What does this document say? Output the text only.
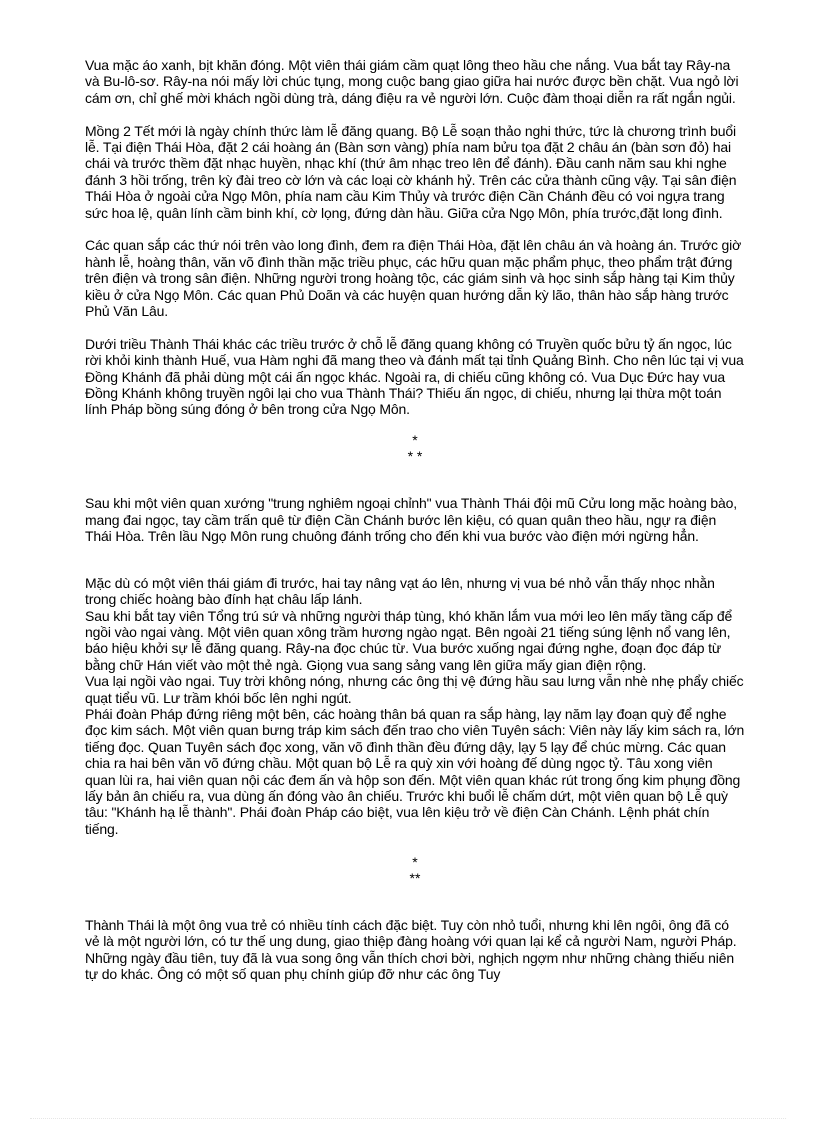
Vua mặc áo xanh, bịt khăn đóng. Một viên thái giám cầm quạt lông theo hầu che nắng. Vua bắt tay Rây-na và Bu-lô-sơ. Rây-na nói mấy lời chúc tụng, mong cuộc bang giao giữa hai nước được bền chặt. Vua ngỏ lời cám ơn, chỉ ghế mời khách ngồi dùng trà, dáng điệu ra vẻ người lớn. Cuộc đàm thoại diễn ra rất ngắn ngủi.

Mồng 2 Tết mới là ngày chính thức làm lễ đăng quang. Bộ Lễ soạn thảo nghi thức, tức là chương trình buổi lễ. Tại điện Thái Hòa, đặt 2 cái hoàng án (Bàn sơn vàng) phía nam bửu tọa đặt 2 châu án (bàn sơn đỏ) hai chái và trước thềm đặt nhạc huyền, nhạc khí (thứ âm nhạc treo lên để đánh). Đầu canh năm sau khi nghe đánh 3 hồi trống, trên kỳ đài treo cờ lớn và các loại cờ khánh hỷ. Trên các cửa thành cũng vậy. Tại sân điện Thái Hòa ở ngoài cửa Ngọ Môn, phía nam cầu Kim Thủy và trước điện Cần Chánh đều có voi ngựa trang sức hoa lệ, quân lính cầm binh khí, cờ lọng, đứng dàn hầu. Giữa cửa Ngọ Môn, phía trước,đặt long đình.

Các quan sắp các thứ nói trên vào long đình, đem ra điện Thái Hòa, đặt lên châu án và hoàng án. Trước giờ hành lễ, hoàng thân, văn võ đình thần mặc triều phục, các hữu quan mặc phẩm phục, theo phẩm trật đứng trên điện và trong sân điện. Những người trong hoàng tộc, các giám sinh và học sinh sắp hàng tại Kim thủy kiều ở cửa Ngọ Môn. Các quan Phủ Doãn và các huyện quan hướng dẫn kỳ lão, thân hào sắp hàng trước Phủ Văn Lâu.

Dưới triều Thành Thái khác các triều trước ở chỗ lễ đăng quang không có Truyền quốc bửu tỷ ấn ngọc, lúc rời khỏi kinh thành Huế, vua Hàm nghi đã mang theo và đánh mất tại tỉnh Quảng Bình. Cho nên lúc tại vị vua Đồng Khánh đã phải dùng một cái ấn ngọc khác. Ngoài ra, di chiếu cũng không có. Vua Dục Đức hay vua Đồng Khánh không truyền ngôi lại cho vua Thành Thái? Thiếu ấn ngọc, di chiếu, nhưng lại thừa một toán lính Pháp bồng súng đóng ở bên trong cửa Ngọ Môn.

*

* *

Sau khi một viên quan xướng "trung nghiêm ngoại chỉnh" vua Thành Thái đội mũ Cửu long mặc hoàng bào, mang đai ngọc, tay cầm trấn quê từ điện Cần Chánh bước lên kiệu, có quan quân theo hầu, ngự ra điện Thái Hòa. Trên lầu Ngọ Môn rung chuông đánh trống cho đến khi vua bước vào điện mới ngừng hẳn.

Mặc dù có một viên thái giám đi trước, hai tay nâng vạt áo lên, nhưng vị vua bé nhỏ vẫn thấy nhọc nhằn trong chiếc hoàng bào đính hạt châu lấp lánh.

Sau khi bắt tay viên Tổng trú sứ và những người tháp tùng, khó khăn lắm vua mới leo lên mấy tầng cấp để ngồi vào ngai vàng. Một viên quan xông trầm hương ngào ngạt. Bên ngoài 21 tiếng súng lệnh nổ vang lên, báo hiệu khởi sự lễ đăng quang. Rây-na đọc chúc từ. Vua bước xuống ngai đứng nghe, đoạn đọc đáp từ bằng chữ Hán viết vào một thẻ ngà. Giọng vua sang sảng vang lên giữa mấy gian điện rộng.

Vua lại ngồi vào ngai. Tuy trời không nóng, nhưng các ông thị vệ đứng hầu sau lưng vẫn nhè nhẹ phẩy chiếc quạt tiểu vũ. Lư trầm khói bốc lên nghi ngút.

Phái đoàn Pháp đứng riêng một bên, các hoàng thân bá quan ra sắp hàng, lạy năm lạy đoạn quỳ để nghe đọc kim sách. Một viên quan bưng tráp kim sách đến trao cho viên Tuyên sách: Viên này lấy kim sách ra, lớn tiếng đọc. Quan Tuyên sách đọc xong, văn võ đình thần đều đứng dậy, lạy 5 lạy để chúc mừng. Các quan chia ra hai bên văn võ đứng chầu. Một quan bộ Lễ ra quỳ xin với hoàng đế dùng ngọc tỷ. Tâu xong viên quan lùi ra, hai viên quan nội các đem ấn và hộp son đến. Một viên quan khác rút trong ống kim phụng đồng lấy bản ân chiếu ra, vua dùng ấn đóng vào ân chiếu. Trước khi buổi lễ chấm dứt, một viên quan bộ Lễ quỳ tâu: "Khánh hạ lễ thành". Phái đoàn Pháp cáo biệt, vua lên kiệu trở về điện Càn Chánh. Lệnh phát chín tiếng.

*

**

Thành Thái là một ông vua trẻ có nhiều tính cách đặc biệt. Tuy còn nhỏ tuổi, nhưng khi lên ngôi, ông đã có vẻ là một người lớn, có tư thế ung dung, giao thiệp đàng hoàng với quan lại kể cả người Nam, người Pháp. Những ngày đầu tiên, tuy đã là vua song ông vẫn thích chơi bời, nghịch ngợm như những chàng thiếu niên tự do khác. Ông có một số quan phụ chính giúp đỡ như các ông Tuy
